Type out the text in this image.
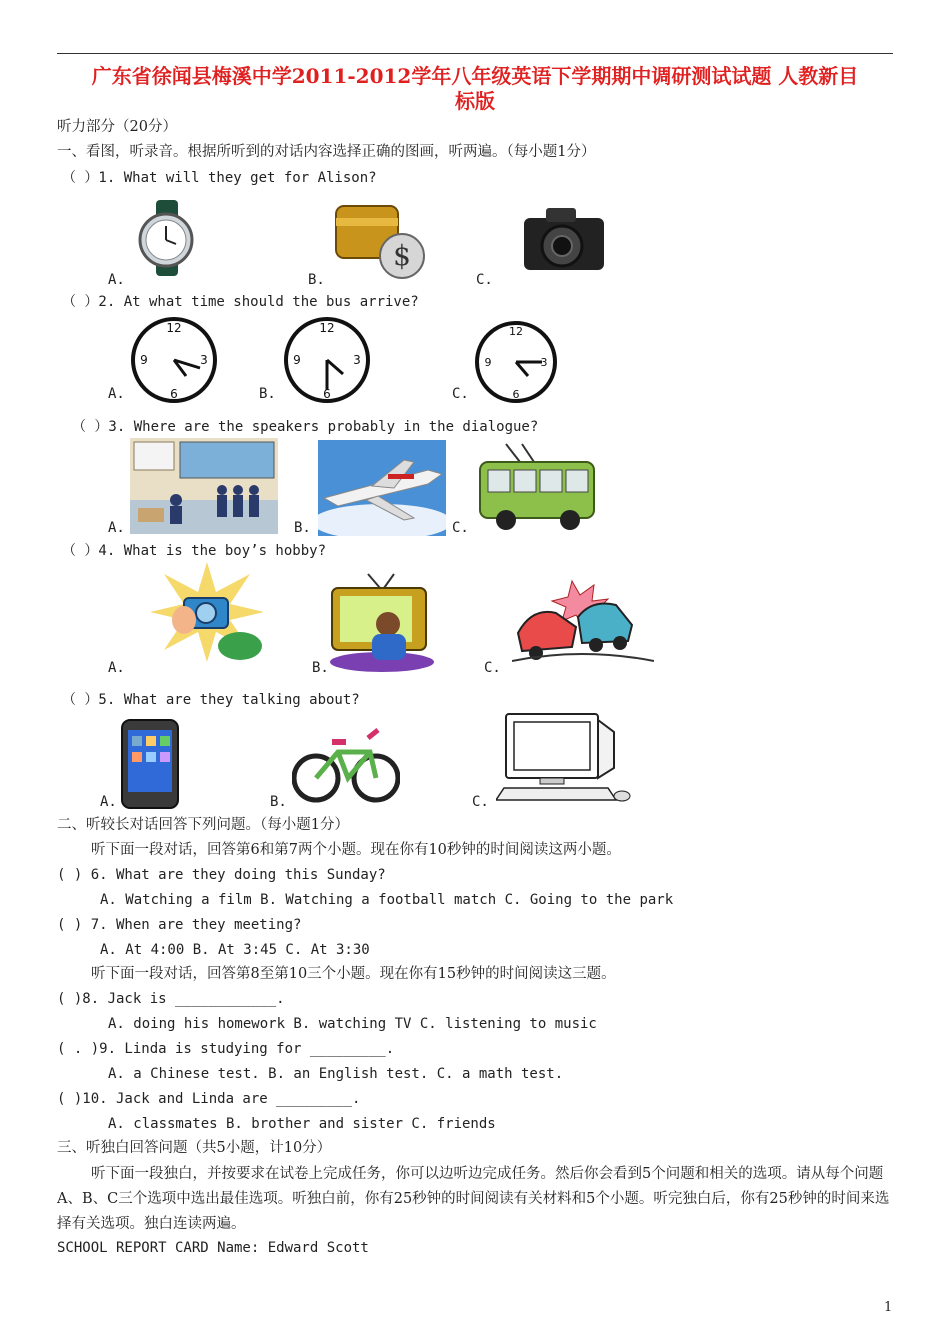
广东省徐闻县梅溪中学2011-2012学年八年级英语下学期期中调研测试试题 人教新目
标版
听力部分（20分）
一、看图，听录音。根据所听到的对话内容选择正确的图画，听两遍。（每小题1分）
（ ）1. What will they get for Alison?
$
A.	B.	C.
（ ）2. At what time should the bus arrive?
12
3
6
9
12
3
6
9
12
3
6
9
A.	B.	C.
（ ）3. Where are the speakers probably in the dialogue?
A.	B.	C.
（ ）4. What is the boy’s hobby?
A.	B.	C.
（ ）5. What are they talking about?
A.	B.	C.
二、听较长对话回答下列问题。（每小题1分）
听下面一段对话，回答第6和第7两个小题。现在你有10秒钟的时间阅读这两小题。
( ) 6. What are they doing this Sunday?
A. Watching a film B. Watching a football match C. Going to the park
( ) 7. When are they meeting?
A. At 4:00 B. At 3:45 C. At 3:30
听下面一段对话，回答第8至第10三个小题。现在你有15秒钟的时间阅读这三题。
( )8. Jack is ____________.
A. doing his homework B. watching TV C. listening to music
( . )9. Linda is studying for _________.
A. a Chinese test. B. an English test. C. a math test.
( )10. Jack and Linda are _________.
A. classmates B. brother and sister C. friends
三、听独白回答问题（共5小题，计10分）
听下面一段独白，并按要求在试卷上完成任务，你可以边听边完成任务。然后你会看到5个问题和相关的选项。请从每个问题A、B、C三个选项中选出最佳选项。听独白前，你有25秒钟的时间阅读有关材料和5个小题。听完独白后，你有25秒钟的时间来选择有关选项。独白连读两遍。
SCHOOL REPORT CARD Name: Edward Scott
1
